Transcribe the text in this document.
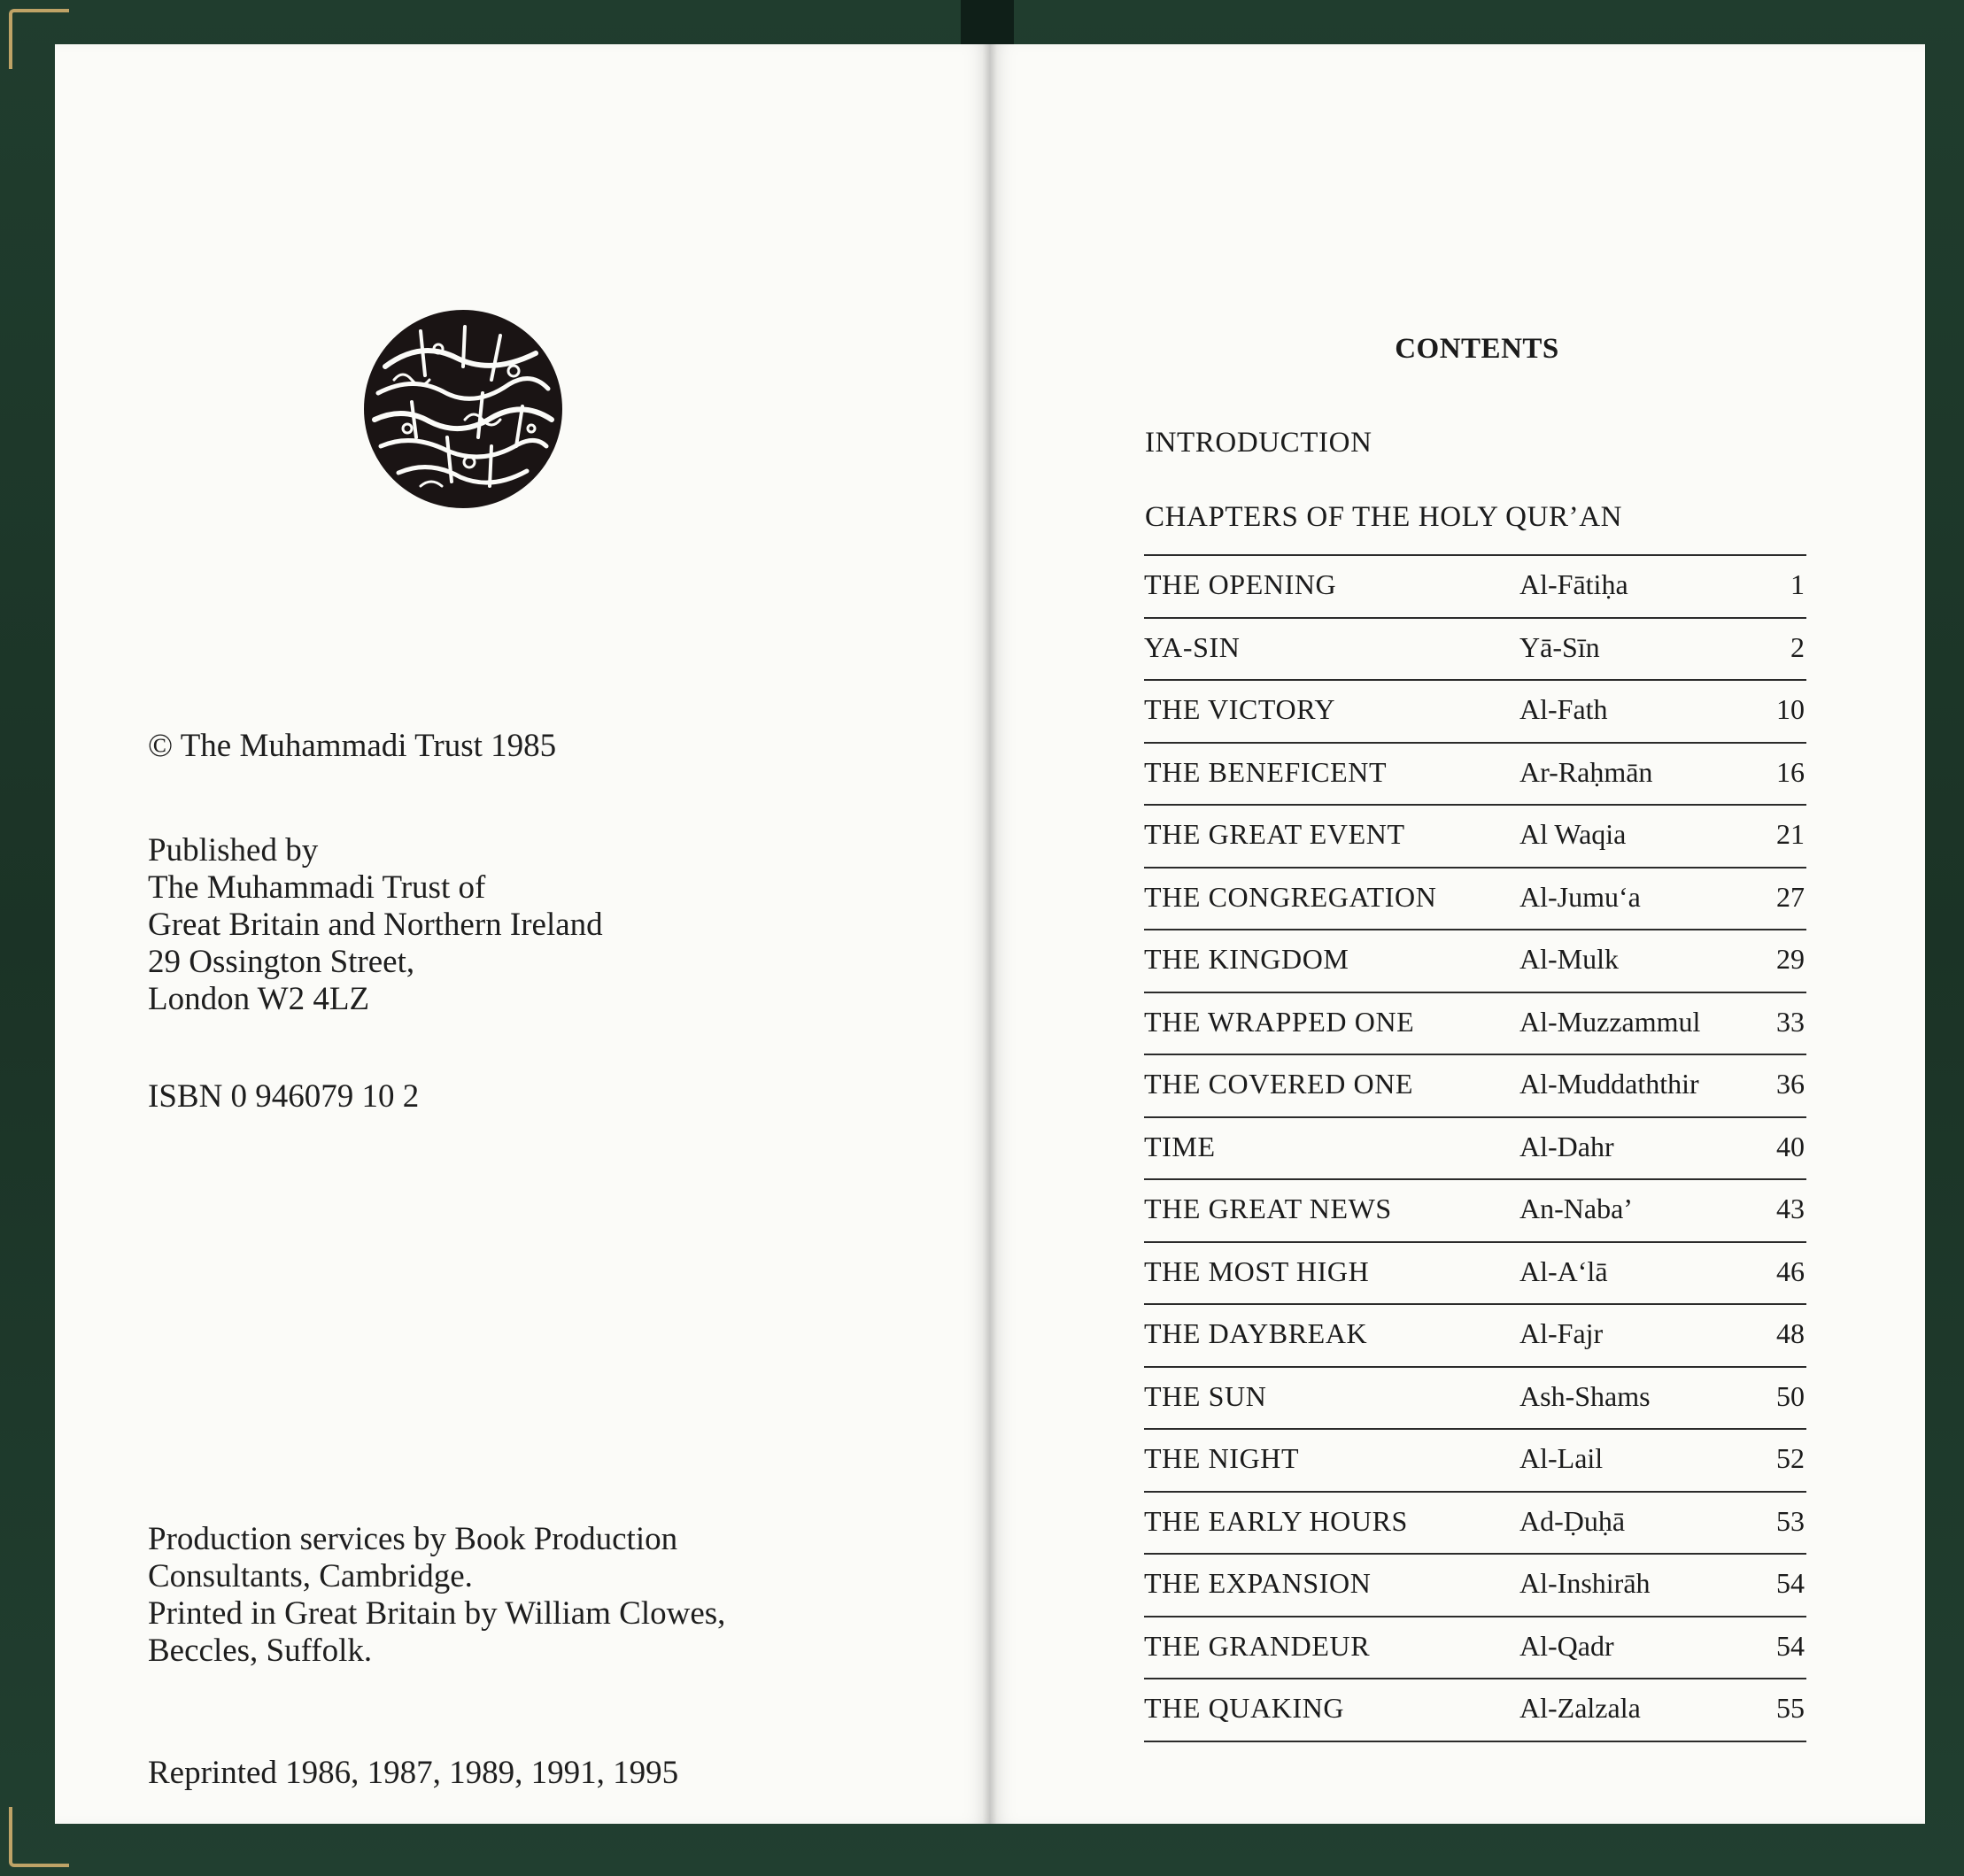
© The Muhammadi Trust 1985
Published by
The Muhammadi Trust of
Great Britain and Northern Ireland
29 Ossington Street,
London W2 4LZ
ISBN 0 946079 10 2
Production services by Book Production
Consultants, Cambridge.
Printed in Great Britain by William Clowes,
Beccles, Suffolk.
Reprinted 1986, 1987, 1989, 1991, 1995
CONTENTS
INTRODUCTION
CHAPTERS OF THE HOLY QUR’AN
THE OPENING	Al-Fātiḥa	1
YA-SIN	Yā-Sīn	2
THE VICTORY	Al-Fath	10
THE BENEFICENT	Ar-Raḥmān	16
THE GREAT EVENT	Al Waqia	21
THE CONGREGATION	Al-Jumu‘a	27
THE KINGDOM	Al-Mulk	29
THE WRAPPED ONE	Al-Muzzammul	33
THE COVERED ONE	Al-Muddaththir	36
TIME	Al-Dahr	40
THE GREAT NEWS	An-Naba’	43
THE MOST HIGH	Al-A‘lā	46
THE DAYBREAK	Al-Fajr	48
THE SUN	Ash-Shams	50
THE NIGHT	Al-Lail	52
THE EARLY HOURS	Ad-Ḍuḥā	53
THE EXPANSION	Al-Inshirāh	54
THE GRANDEUR	Al-Qadr	54
THE QUAKING	Al-Zalzala	55
